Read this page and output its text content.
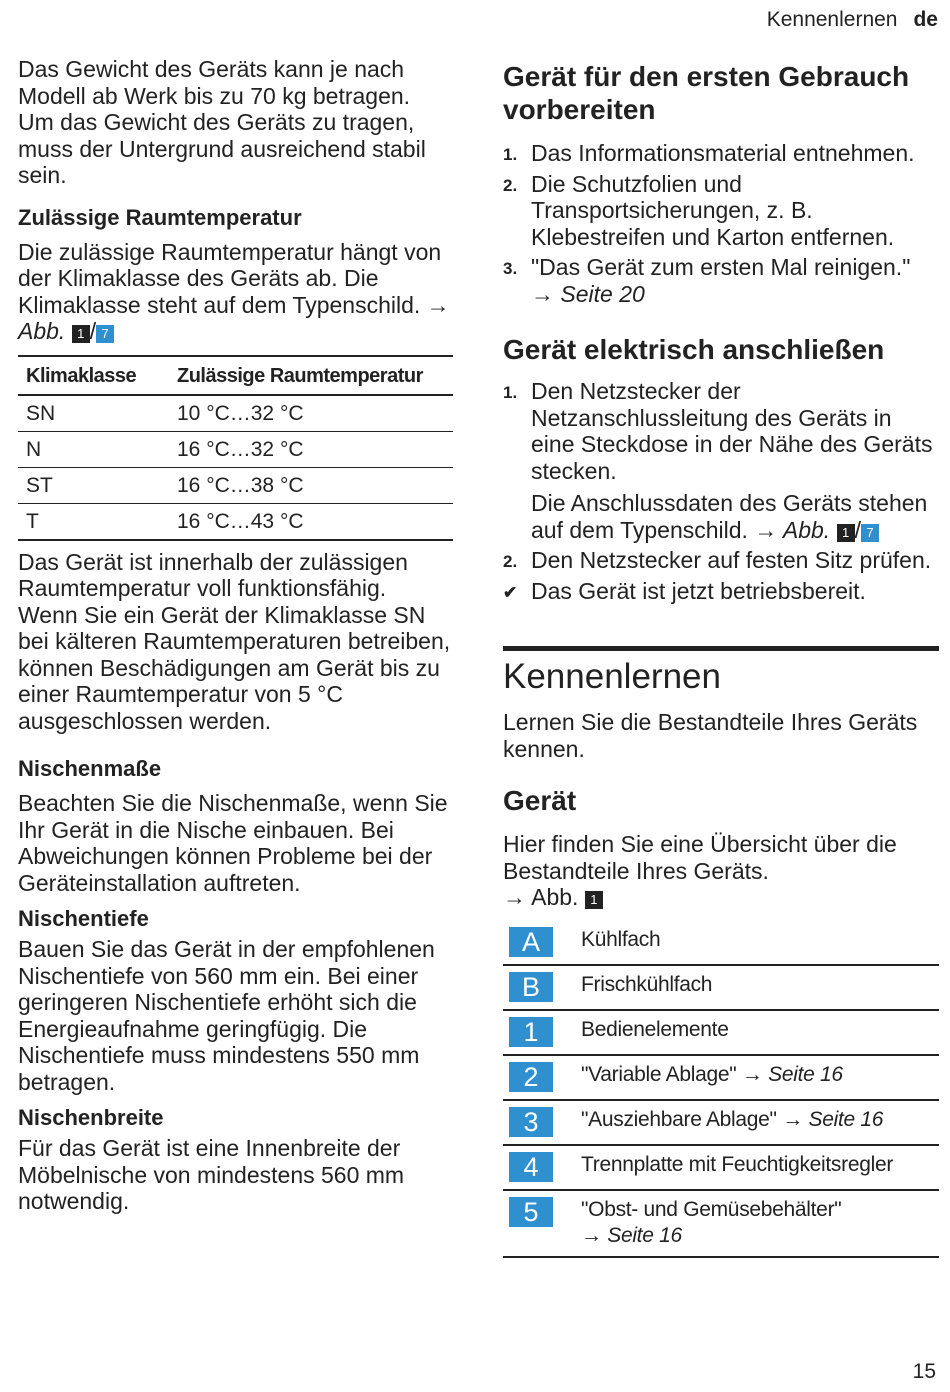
Kennenlernen de

Das Gewicht des Geräts kann je nach Modell ab Werk bis zu 70 kg betragen.

Um das Gewicht des Geräts zu tragen, muss der Untergrund ausreichend stabil sein.

Zulässige Raumtemperatur

Die zulässige Raumtemperatur hängt von der Klimaklasse des Geräts ab. Die Klimaklasse steht auf dem Typenschild. → Abb. 1 / 7

Klimaklasse	Zulässige Raumtemperatur
SN	10 °C…32 °C
N	16 °C…32 °C
ST	16 °C…38 °C
T	16 °C…43 °C

Das Gerät ist innerhalb der zulässigen Raumtemperatur voll funktionsfähig.

Wenn Sie ein Gerät der Klimaklasse SN bei kälteren Raumtemperaturen betreiben, können Beschädigungen am Gerät bis zu einer Raumtemperatur von 5 °C ausgeschlossen werden.

Nischenmaße

Beachten Sie die Nischenmaße, wenn Sie Ihr Gerät in die Nische einbauen. Bei Abweichungen können Probleme bei der Geräteinstallation auftreten.

Nischentiefe

Bauen Sie das Gerät in der empfohlenen Nischentiefe von 560 mm ein. Bei einer geringeren Nischentiefe erhöht sich die Energieaufnahme geringfügig. Die Nischentiefe muss mindestens 550 mm betragen.

Nischenbreite

Für das Gerät ist eine Innenbreite der Möbelnische von mindestens 560 mm notwendig.

Gerät für den ersten Gebrauch vorbereiten
1. Das Informationsmaterial entnehmen.
2. Die Schutzfolien und Transportsicherungen, z. B. Klebestreifen und Karton entfernen.
3. "Das Gerät zum ersten Mal reinigen." → Seite 20
Gerät elektrisch anschließen
1. Den Netzstecker der Netzanschlussleitung des Geräts in eine Steckdose in der Nähe des Geräts stecken.
Die Anschlussdaten des Geräts stehen auf dem Typenschild. → Abb. 1 / 7
2. Den Netzstecker auf festen Sitz prüfen.
✔ Das Gerät ist jetzt betriebsbereit.
Kennenlernen

Lernen Sie die Bestandteile Ihres Geräts kennen.

Gerät

Hier finden Sie eine Übersicht über die Bestandteile Ihres Geräts.

→ Abb. 1

A	Kühlfach
B	Frischkühlfach
1	Bedienelemente
2	"Variable Ablage" → Seite 16
3	"Ausziehbare Ablage" → Seite 16
4	Trennplatte mit Feuchtigkeitsregler
5	"Obst- und Gemüsebehälter"
→ Seite 16
15
